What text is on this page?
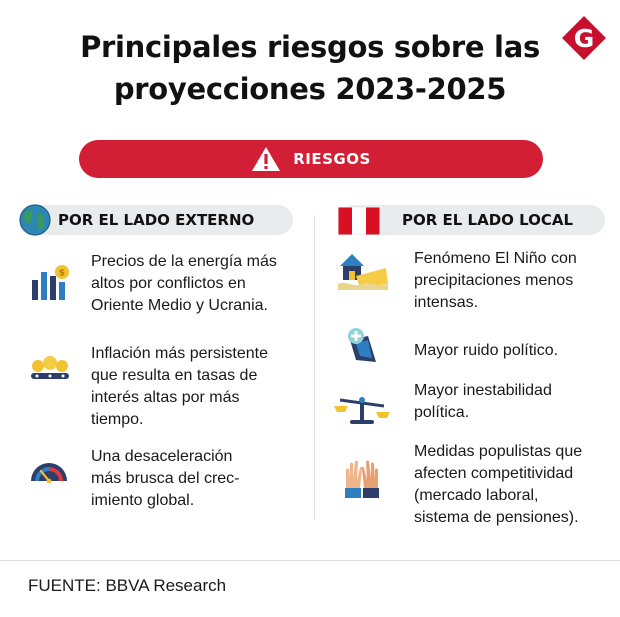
Principales riesgos sobre las
proyecciones 2023-2025
G
RIESGOS
POR EL LADO EXTERNO	POR EL LADO LOCAL
$
Precios de la energía más
altos por conflictos en
Oriente Medio y Ucrania.
Inflación más persistente
que resulta en tasas de
interés altas por más
tiempo.
Una desaceleración
más brusca del crec-
imiento global.
Fenómeno El Niño con
precipitaciones menos
intensas.
Mayor ruido político.
Mayor inestabilidad
política.
Medidas populistas que
afecten competitividad
(mercado laboral,
sistema de pensiones).
FUENTE: BBVA Research
